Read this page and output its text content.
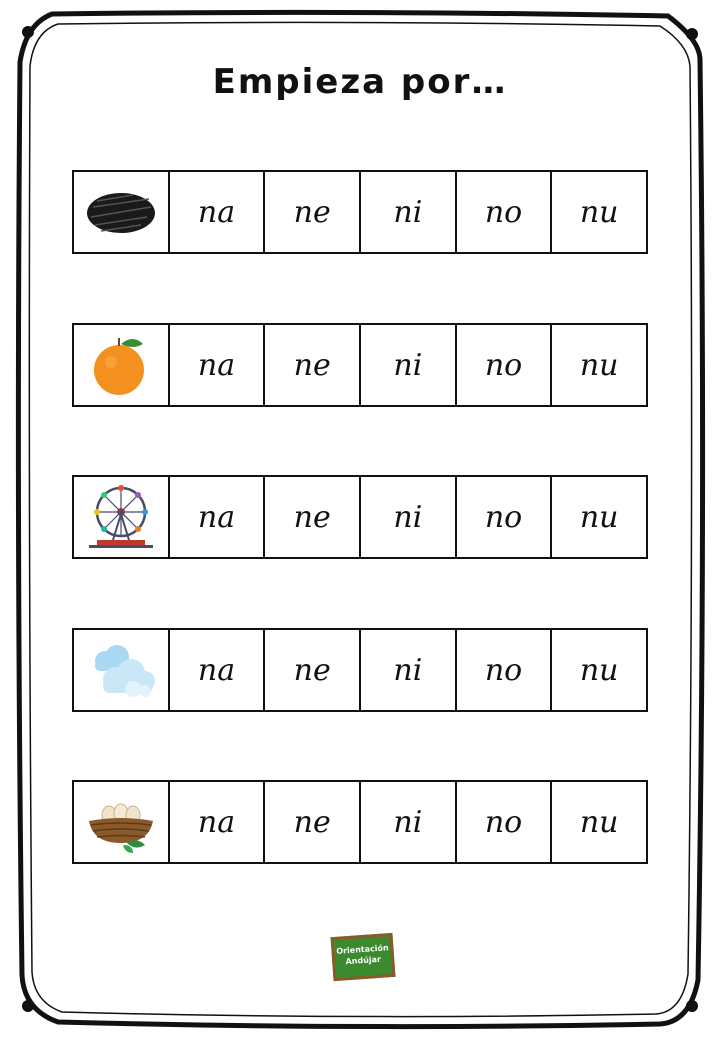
Empieza por…
na	ne	ni	no	nu
na	ne	ni	no	nu
na	ne	ni	no	nu
na	ne	ni	no	nu
na	ne	ni	no	nu
Orientación
Andújar
